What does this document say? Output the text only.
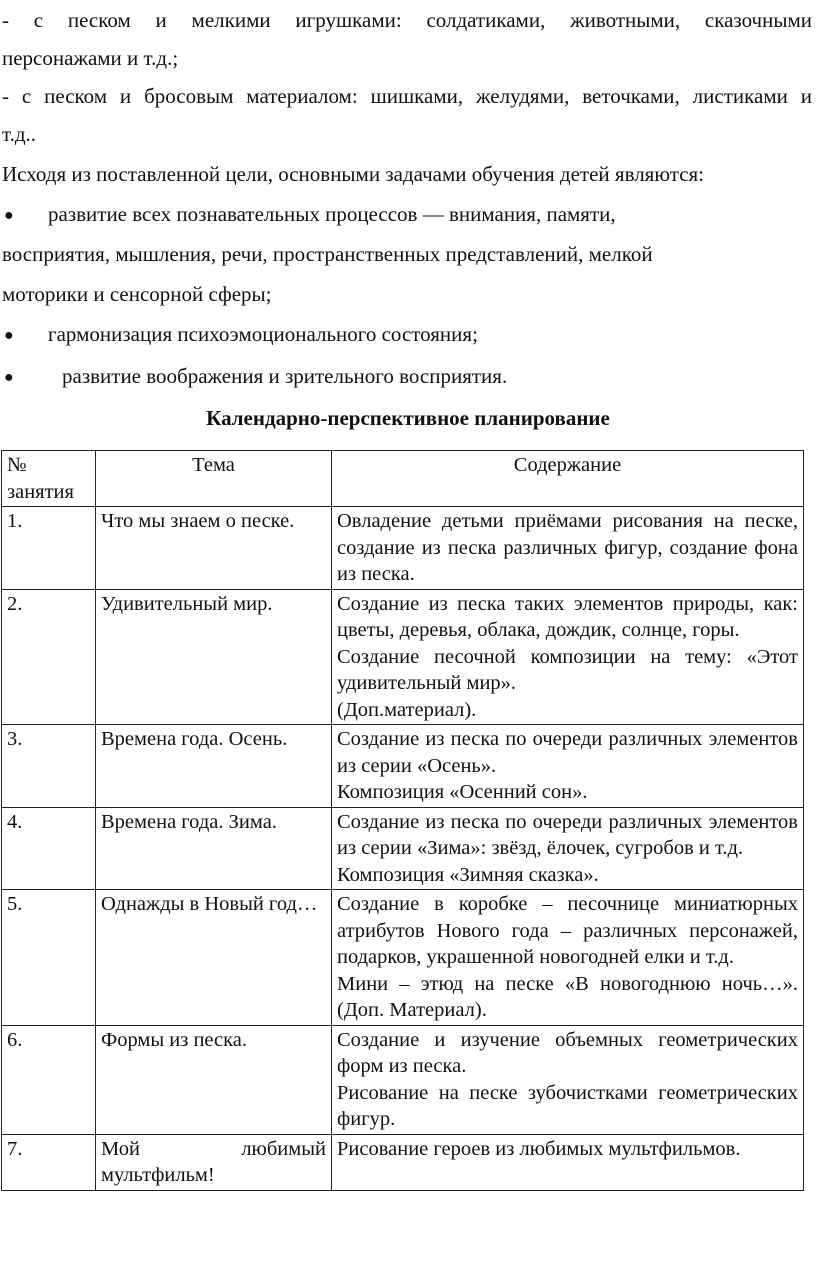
- с песком и мелкими игрушками: солдатиками, животными, сказочными
персонажами и т.д.;
- с песком и бросовым материалом: шишками, желудями, веточками, листиками и
т.д..
Исходя из поставленной цели, основными задачами обучения детей являются:
● развитие всех познавательных процессов — внимания, памяти,
восприятия, мышления, речи, пространственных представлений, мелкой
моторики и сенсорной сферы;
● гармонизация психоэмоционального состояния;
● развитие воображения и зрительного восприятия.
Календарно-перспективное планирование
№ занятия	Тема	Содержание
1.	Что мы знаем о песке.	Овладение детьми приёмами рисования на песке, создание из песка различных фигур, создание фона из песка.

2.	Удивительный мир.	Создание из песка таких элементов природы, как: цветы, деревья, облака, дождик, солнце, горы.

Создание песочной композиции на тему: «Этот удивительный мир».

(Доп.материал).

3.	Времена года. Осень.	Создание из песка по очереди различных элементов из серии «Осень».

Композиция «Осенний сон».

4.	Времена года. Зима.	Создание из песка по очереди различных элементов из серии «Зима»: звёзд, ёлочек, сугробов и т.д.

Композиция «Зимняя сказка».

5.	Однажды в Новый год…	Создание в коробке – песочнице миниатюрных атрибутов Нового года – различных персонажей, подарков, украшенной новогодней елки и т.д.

Мини – этюд на песке «В новогоднюю ночь…». (Доп. Материал).

6.	Формы из песка.	Создание и изучение объемных геометрических форм из песка.

Рисование на песке зубочистками геометрических фигур.

7.	Мой любимый мультфильм!	Рисование героев из любимых мультфильмов.
